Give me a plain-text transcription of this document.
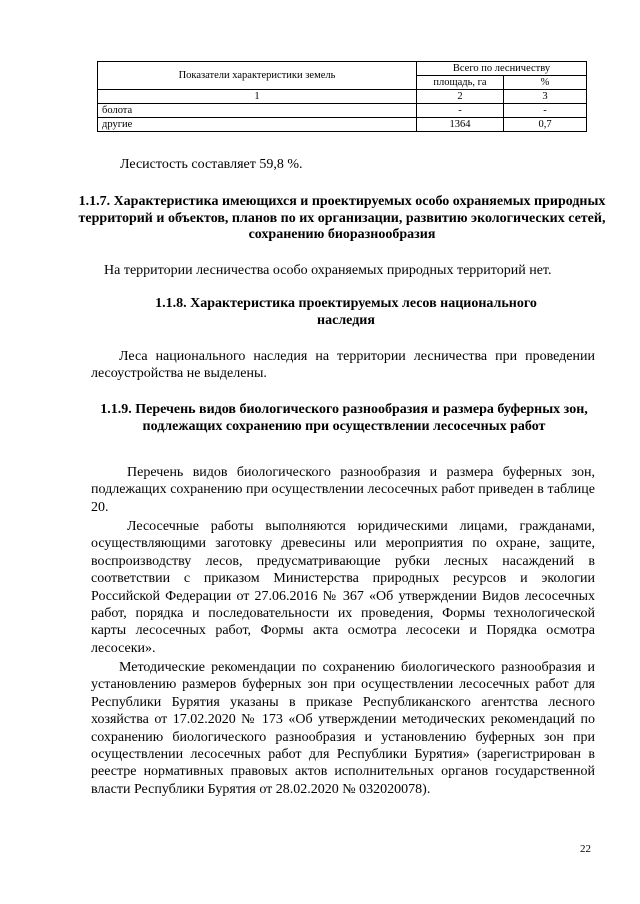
Показатели характеристики земель	Всего по лесничеству	
	площадь, га	%
1	2	3
болота	-	-
другие	1364	0,7
Лесистость составляет 59,8 %.
1.1.7. Характеристика имеющихся и проектируемых особо охраняемых природных территорий и объектов, планов по их организации, развитию экологических сетей, сохранению биоразнообразия
На территории лесничества особо охраняемых природных территорий нет.
1.1.8. Характеристика проектируемых лесов национального наследия
Леса национального наследия на территории лесничества при проведении лесоустройства не выделены.
1.1.9. Перечень видов биологического разнообразия и размера буферных зон, подлежащих сохранению при осуществлении лесосечных работ
Перечень видов биологического разнообразия и размера буферных зон, подлежащих сохранению при осуществлении лесосечных работ приведен в таблице 20.
Лесосечные работы выполняются юридическими лицами, гражданами, осуществляющими заготовку древесины или мероприятия по охране, защите, воспроизводству лесов, предусматривающие рубки лесных насаждений в соответствии с приказом Министерства природных ресурсов и экологии Российской Федерации от 27.06.2016 № 367 «Об утверждении Видов лесосечных работ, порядка и последовательности их проведения, Формы технологической карты лесосечных работ, Формы акта осмотра лесосеки и Порядка осмотра лесосеки».
Методические рекомендации по сохранению биологического разнообразия и установлению размеров буферных зон при осуществлении лесосечных работ для Республики Бурятия указаны в приказе Республиканского агентства лесного хозяйства от 17.02.2020 № 173 «Об утверждении методических рекомендаций по сохранению биологического разнообразия и установлению буферных зон при осуществлении лесосечных работ для Республики Бурятия» (зарегистрирован в реестре нормативных правовых актов исполнительных органов государственной власти Республики Бурятия от 28.02.2020 № 032020078).
22
